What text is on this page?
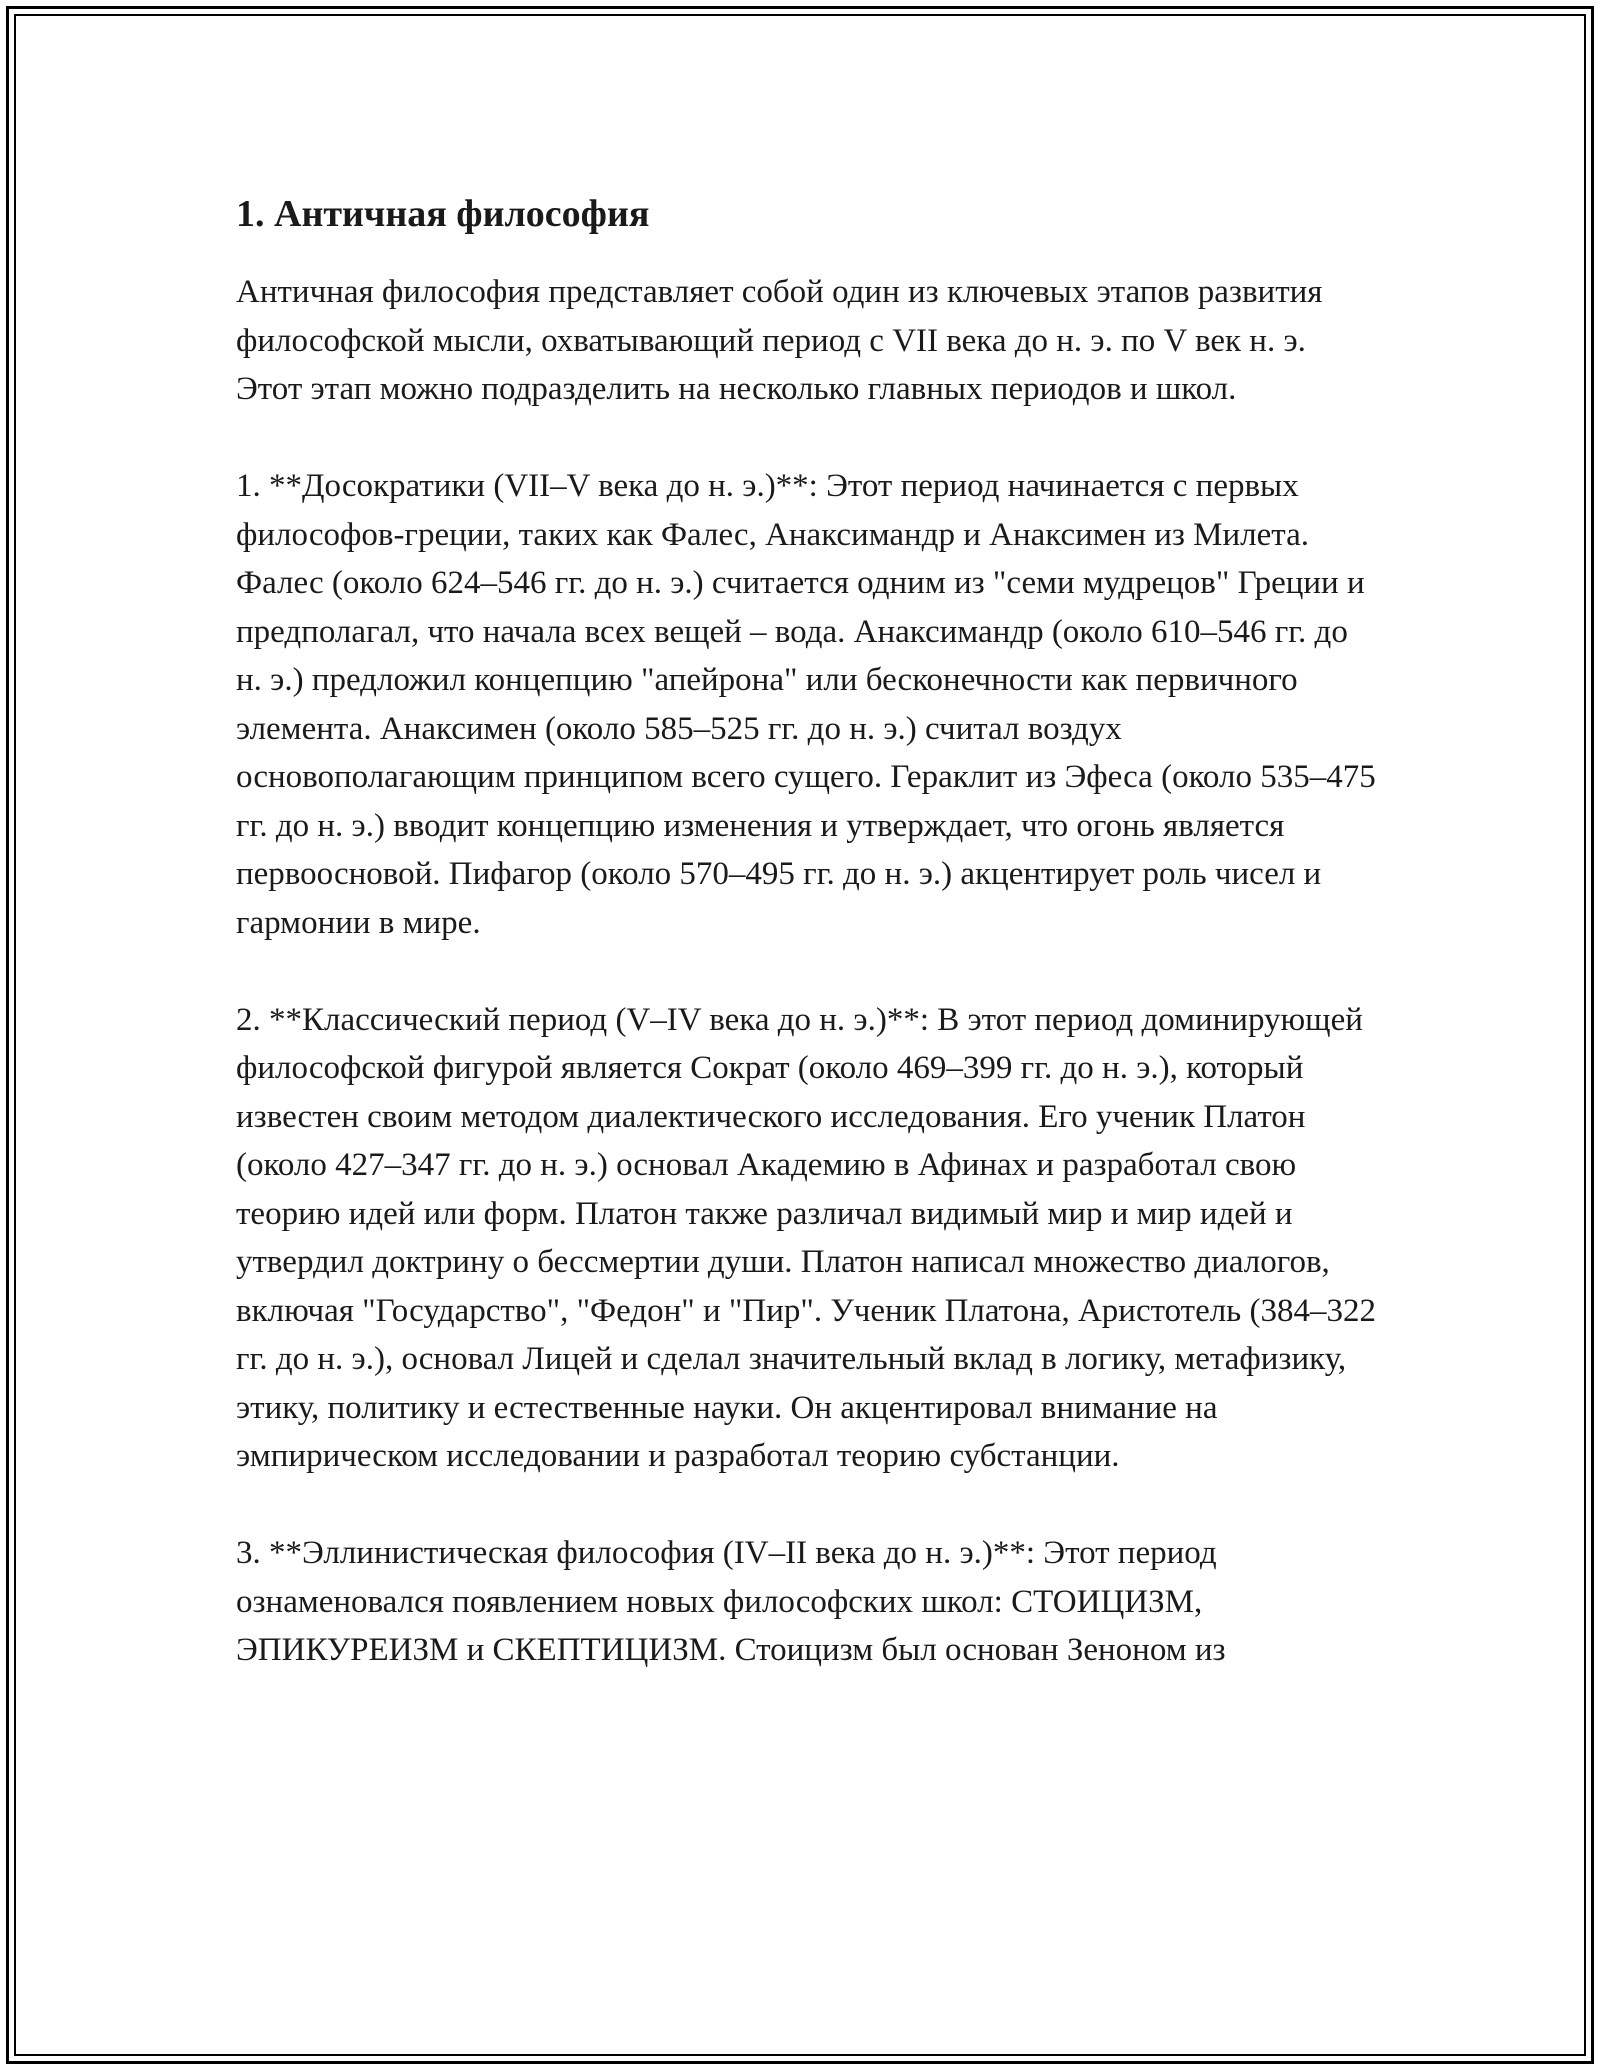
1. Античная философия

Античная философия представляет собой один из ключевых этапов развития философской мысли, охватывающий период с VII века до н. э. по V век н. э. Этот этап можно подразделить на несколько главных периодов и школ.

1. **Досократики (VII–V века до н. э.)**: Этот период начинается с первых философов-греции, таких как Фалес, Анаксимандр и Анаксимен из Милета. Фалес (около 624–546 гг. до н. э.) считается одним из "семи мудрецов" Греции и предполагал, что начала всех вещей – вода. Анаксимандр (около 610–546 гг. до н. э.) предложил концепцию "апейрона" или бесконечности как первичного элемента. Анаксимен (около 585–525 гг. до н. э.) считал воздух основополагающим принципом всего сущего. Гераклит из Эфеса (около 535–475 гг. до н. э.) вводит концепцию изменения и утверждает, что огонь является первоосновой. Пифагор (около 570–495 гг. до н. э.) акцентирует роль чисел и гармонии в мире.

2. **Классический период (V–IV века до н. э.)**: В этот период доминирующей философской фигурой является Сократ (около 469–399 гг. до н. э.), который известен своим методом диалектического исследования. Его ученик Платон (около 427–347 гг. до н. э.) основал Академию в Афинах и разработал свою теорию идей или форм. Платон также различал видимый мир и мир идей и утвердил доктрину о бессмертии души. Платон написал множество диалогов, включая "Государство", "Федон" и "Пир". Ученик Платона, Аристотель (384–322 гг. до н. э.), основал Лицей и сделал значительный вклад в логику, метафизику, этику, политику и естественные науки. Он акцентировал внимание на эмпирическом исследовании и разработал теорию субстанции.

3. **Эллинистическая философия (IV–II века до н. э.)**: Этот период ознаменовался появлением новых философских школ: СТОИЦИЗМ, ЭПИКУРЕИЗМ и СКЕПТИЦИЗМ. Стоицизм был основан Зеноном из
